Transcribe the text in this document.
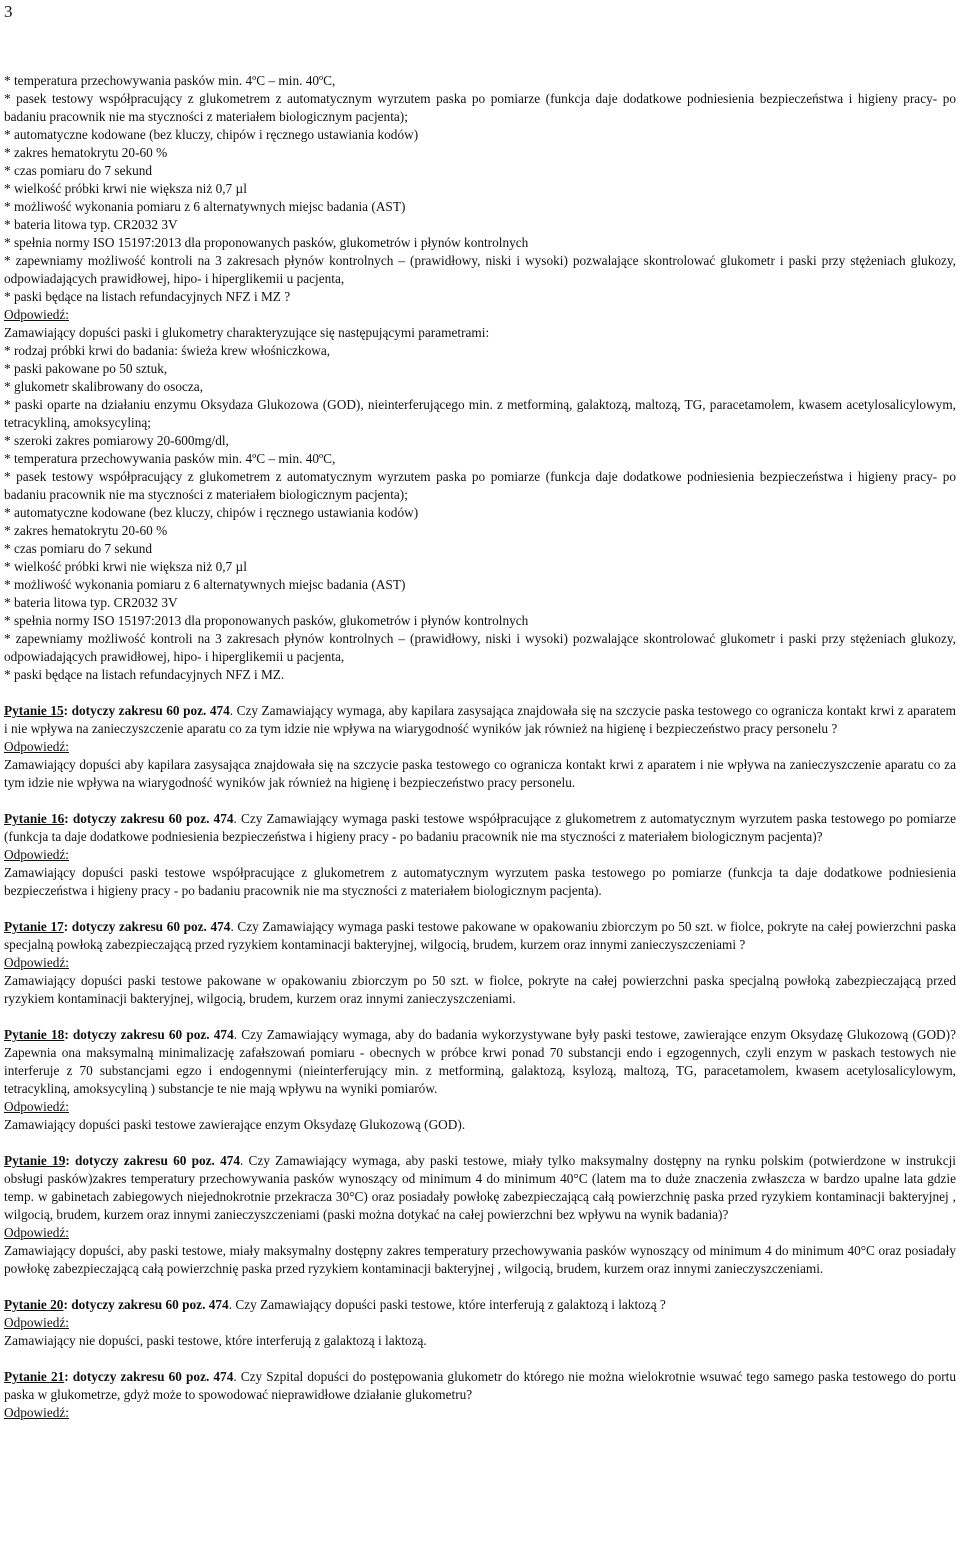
3

* temperatura przechowywania pasków min. 4ºC – min. 40ºC,

* pasek testowy współpracujący z glukometrem z automatycznym wyrzutem paska po pomiarze (funkcja daje dodatkowe podniesienia bezpieczeństwa i higieny pracy- po badaniu pracownik nie ma styczności z materiałem biologicznym pacjenta);

* automatyczne kodowane (bez kluczy, chipów i ręcznego ustawiania kodów)

* zakres hematokrytu 20-60 %

* czas pomiaru do 7 sekund

* wielkość próbki krwi nie większa niż 0,7 µl

* możliwość wykonania pomiaru z 6 alternatywnych miejsc badania (AST)

* bateria litowa typ. CR2032 3V

* spełnia normy ISO 15197:2013 dla proponowanych pasków, glukometrów i płynów kontrolnych

* zapewniamy możliwość kontroli na 3 zakresach płynów kontrolnych – (prawidłowy, niski i wysoki) pozwalające skontrolować glukometr i paski przy stężeniach glukozy, odpowiadających prawidłowej, hipo- i hiperglikemii u pacjenta,

* paski będące na listach refundacyjnych NFZ i MZ ?

Odpowiedź:

Zamawiający dopuści paski i glukometry charakteryzujące się następującymi parametrami:

* rodzaj próbki krwi do badania: świeża krew włośniczkowa,

* paski pakowane po 50 sztuk,

* glukometr skalibrowany do osocza,

* paski oparte na działaniu enzymu Oksydaza Glukozowa (GOD), nieinterferującego min. z metforminą, galaktozą, maltozą, TG, paracetamolem, kwasem acetylosalicylowym, tetracykliną, amoksycyliną;

* szeroki zakres pomiarowy 20-600mg/dl,

* temperatura przechowywania pasków min. 4ºC – min. 40ºC,

* pasek testowy współpracujący z glukometrem z automatycznym wyrzutem paska po pomiarze (funkcja daje dodatkowe podniesienia bezpieczeństwa i higieny pracy- po badaniu pracownik nie ma styczności z materiałem biologicznym pacjenta);

* automatyczne kodowane (bez kluczy, chipów i ręcznego ustawiania kodów)

* zakres hematokrytu 20-60 %

* czas pomiaru do 7 sekund

* wielkość próbki krwi nie większa niż 0,7 µl

* możliwość wykonania pomiaru z 6 alternatywnych miejsc badania (AST)

* bateria litowa typ. CR2032 3V

* spełnia normy ISO 15197:2013 dla proponowanych pasków, glukometrów i płynów kontrolnych

* zapewniamy możliwość kontroli na 3 zakresach płynów kontrolnych – (prawidłowy, niski i wysoki) pozwalające skontrolować glukometr i paski przy stężeniach glukozy, odpowiadających prawidłowej, hipo- i hiperglikemii u pacjenta,

* paski będące na listach refundacyjnych NFZ i MZ.

Pytanie 15: dotyczy zakresu 60 poz. 474. Czy Zamawiający wymaga, aby kapilara zasysająca znajdowała się na szczycie paska testowego co ogranicza kontakt krwi z aparatem i nie wpływa na zanieczyszczenie aparatu co za tym idzie nie wpływa na wiarygodność wyników jak również na higienę i bezpieczeństwo pracy personelu ?

Odpowiedź:

Zamawiający dopuści aby kapilara zasysająca znajdowała się na szczycie paska testowego co ogranicza kontakt krwi z aparatem i nie wpływa na zanieczyszczenie aparatu co za tym idzie nie wpływa na wiarygodność wyników jak również na higienę i bezpieczeństwo pracy personelu.

Pytanie 16: dotyczy zakresu 60 poz. 474. Czy Zamawiający wymaga paski testowe współpracujące z glukometrem z automatycznym wyrzutem paska testowego po pomiarze (funkcja ta daje dodatkowe podniesienia bezpieczeństwa i higieny pracy - po badaniu pracownik nie ma styczności z materiałem biologicznym pacjenta)?

Odpowiedź:

Zamawiający dopuści paski testowe współpracujące z glukometrem z automatycznym wyrzutem paska testowego po pomiarze (funkcja ta daje dodatkowe podniesienia bezpieczeństwa i higieny pracy - po badaniu pracownik nie ma styczności z materiałem biologicznym pacjenta).

Pytanie 17: dotyczy zakresu 60 poz. 474. Czy Zamawiający wymaga paski testowe pakowane w opakowaniu zbiorczym po 50 szt. w fiolce, pokryte na całej powierzchni paska specjalną powłoką zabezpieczającą przed ryzykiem kontaminacji bakteryjnej, wilgocią, brudem, kurzem oraz innymi zanieczyszczeniami ?

Odpowiedź:

Zamawiający dopuści paski testowe pakowane w opakowaniu zbiorczym po 50 szt. w fiolce, pokryte na całej powierzchni paska specjalną powłoką zabezpieczającą przed ryzykiem kontaminacji bakteryjnej, wilgocią, brudem, kurzem oraz innymi zanieczyszczeniami.

Pytanie 18: dotyczy zakresu 60 poz. 474. Czy Zamawiający wymaga, aby do badania wykorzystywane były paski testowe, zawierające enzym Oksydazę Glukozową (GOD)? Zapewnia ona maksymalną minimalizację zafałszowań pomiaru - obecnych w próbce krwi ponad 70 substancji endo i egzogennych, czyli enzym w paskach testowych nie interferuje z 70 substancjami egzo i endogennymi (nieinterferujący min. z metforminą, galaktozą, ksylozą, maltozą, TG, paracetamolem, kwasem acetylosalicylowym, tetracykliną, amoksycyliną ) substancje te nie mają wpływu na wyniki pomiarów.

Odpowiedź:

Zamawiający dopuści paski testowe zawierające enzym Oksydazę Glukozową (GOD).

Pytanie 19: dotyczy zakresu 60 poz. 474. Czy Zamawiający wymaga, aby paski testowe, miały tylko maksymalny dostępny na rynku polskim (potwierdzone w instrukcji obsługi pasków)zakres temperatury przechowywania pasków wynoszący od minimum 4 do minimum 40°C (latem ma to duże znaczenia zwłaszcza w bardzo upalne lata gdzie temp. w gabinetach zabiegowych niejednokrotnie przekracza 30°C) oraz posiadały powłokę zabezpieczającą całą powierzchnię paska przed ryzykiem kontaminacji bakteryjnej , wilgocią, brudem, kurzem oraz innymi zanieczyszczeniami (paski można dotykać na całej powierzchni bez wpływu na wynik badania)?

Odpowiedź:

Zamawiający dopuści, aby paski testowe, miały maksymalny dostępny zakres temperatury przechowywania pasków wynoszący od minimum 4 do minimum 40°C oraz posiadały powłokę zabezpieczającą całą powierzchnię paska przed ryzykiem kontaminacji bakteryjnej , wilgocią, brudem, kurzem oraz innymi zanieczyszczeniami.

Pytanie 20: dotyczy zakresu 60 poz. 474. Czy Zamawiający dopuści paski testowe, które interferują z galaktozą i laktozą ?

Odpowiedź:

Zamawiający nie dopuści, paski testowe, które interferują z galaktozą i laktozą.

Pytanie 21: dotyczy zakresu 60 poz. 474. Czy Szpital dopuści do postępowania glukometr do którego nie można wielokrotnie wsuwać tego samego paska testowego do portu paska w glukometrze, gdyż może to spowodować nieprawidłowe działanie glukometru?

Odpowiedź:
